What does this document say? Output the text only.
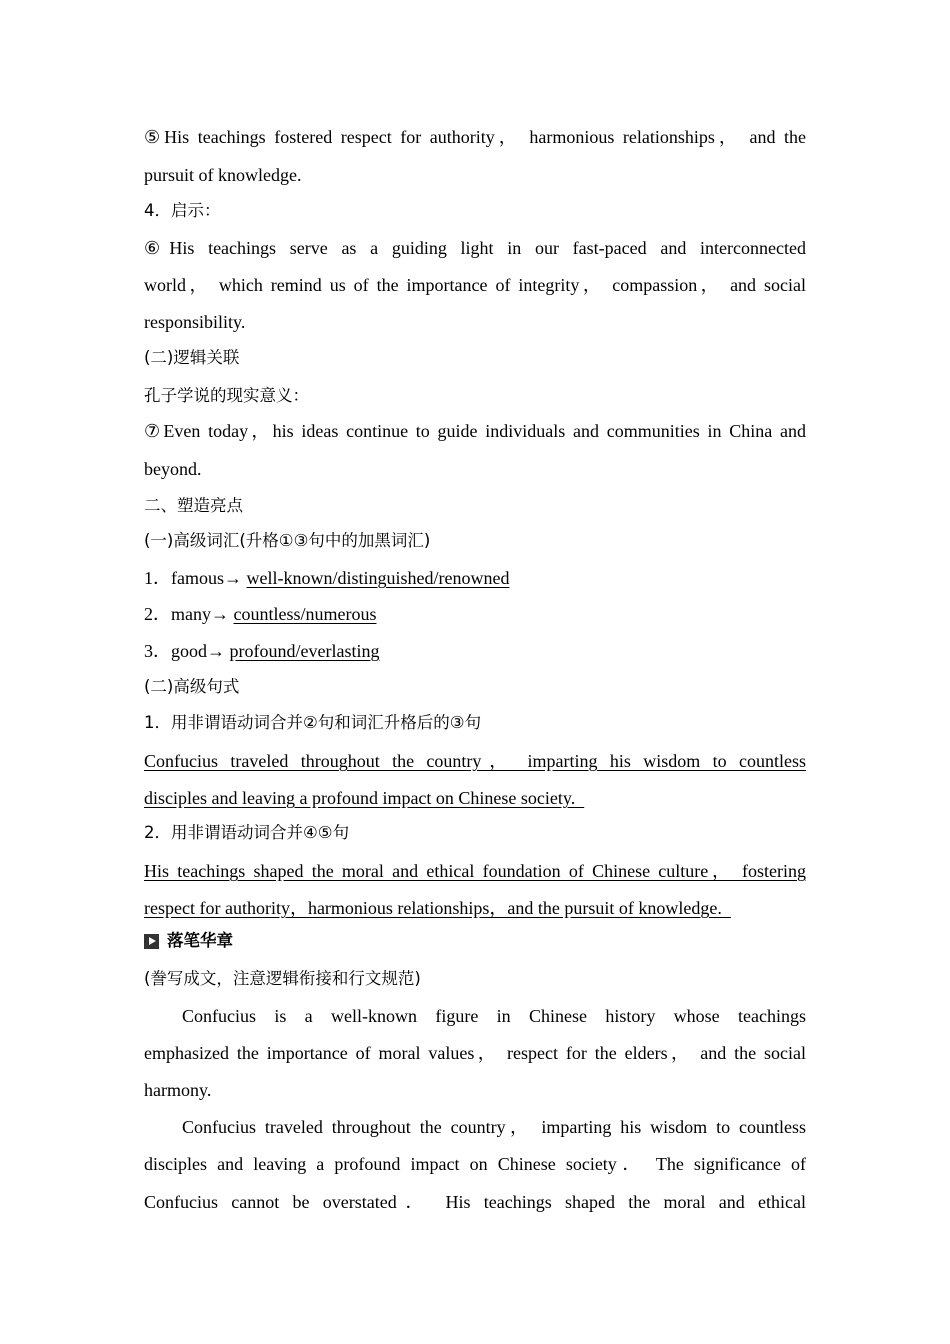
⑤His teachings fostered respect for authority， harmonious relationships， and the
pursuit of knowledge.
4．启示：
⑥His teachings serve as a guiding light in our fast-paced and interconnected
world， which remind us of the importance of integrity， compassion， and social
responsibility.
(二)逻辑关联
孔子学说的现实意义：
⑦Even today，his ideas continue to guide individuals and communities in China and
beyond.
二、塑造亮点
(一)高级词汇(升格①③句中的加黑词汇)
1．famous→ well-known/distinguished/renowned
2．many→ countless/numerous
3．good→ profound/everlasting
(二)高级句式
1．用非谓语动词合并②句和词汇升格后的③句
Confucius traveled throughout the country， imparting his wisdom to countless
disciples and leaving a profound impact on Chinese society.
2．用非谓语动词合并④⑤句
His teachings shaped the moral and ethical foundation of Chinese culture， fostering
respect for authority，harmonious relationships，and the pursuit of knowledge.
落笔华章
(誊写成文，注意逻辑衔接和行文规范)
Confucius is a well-known figure in Chinese history whose teachings
emphasized the importance of moral values， respect for the elders， and the social
harmony.
Confucius traveled throughout the country， imparting his wisdom to countless
disciples and leaving a profound impact on Chinese society． The significance of
Confucius cannot be overstated． His teachings shaped the moral and ethical
